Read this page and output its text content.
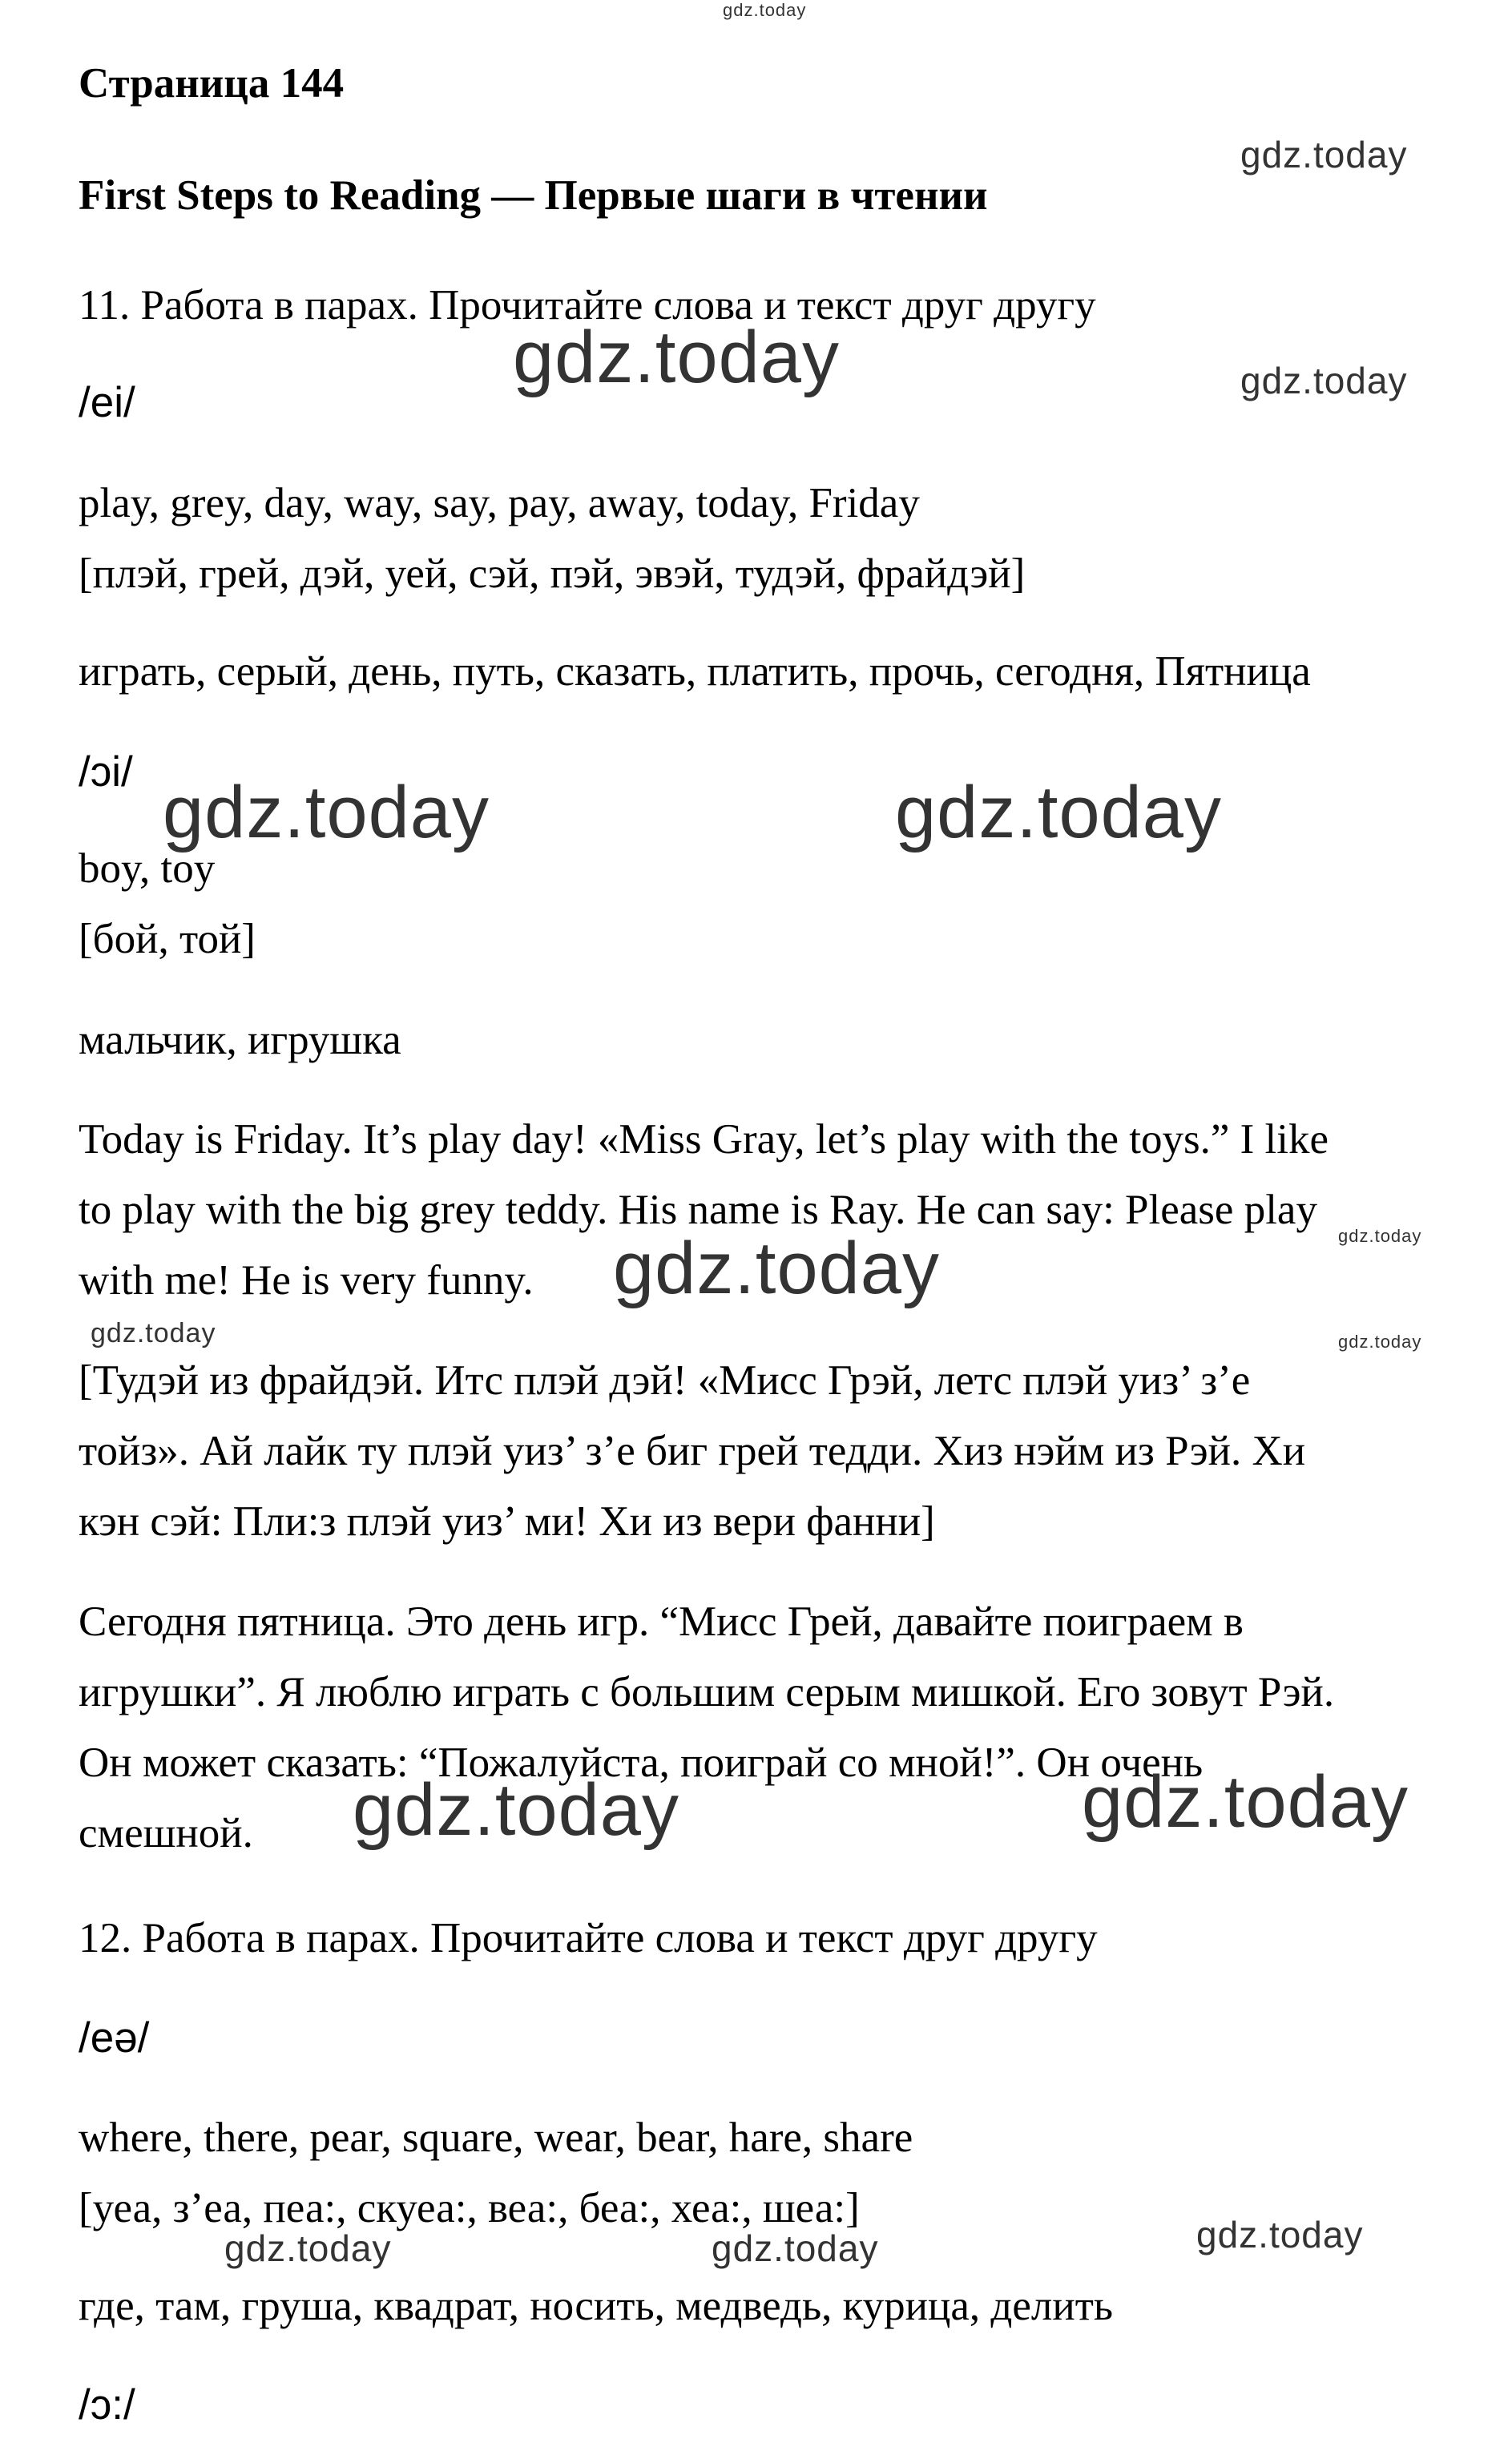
Страница 144
First Steps to Reading — Первые шаги в чтении
11. Работа в парах. Прочитайте слова и текст друг другу
/ei/
play, grey, day, way, say, pay, away, today, Friday
[плэй, грей, дэй, уей, сэй, пэй, эвэй, тудэй, фрайдэй]
играть, серый, день, путь, сказать, платить, прочь, сегодня, Пятница
/ɔi/
boy, toy
[бой, той]
мальчик, игрушка
Today is Friday. It’s play day! «Miss Gray, let’s play with the toys.” I like
to play with the big grey teddy. His name is Ray. He can say: Please play
with me! He is very funny.
[Тудэй из фрайдэй. Итс плэй дэй! «Мисс Грэй, летс плэй уиз’ з’е
тойз». Ай лайк ту плэй уиз’ з’е биг грей тедди. Хиз нэйм из Рэй. Хи
кэн сэй: Пли:з плэй уиз’ ми! Хи из вери фанни]
Сегодня пятница. Это день игр. “Мисс Грей, давайте поиграем в
игрушки”. Я люблю играть с большим серым мишкой. Его зовут Рэй.
Он может сказать: “Пожалуйста, поиграй со мной!”. Он очень
смешной.
12. Работа в парах. Прочитайте слова и текст друг другу
/eə/
where, there, pear, square, wear, bear, hare, share
[уеа, з’еа, пеа:, скуеа:, веа:, беа:, хеа:, шеа:]
где, там, груша, квадрат, носить, медведь, курица, делить
/ɔ:/
gdz.today
gdz.today
gdz.today	gdz.today
gdz.today	gdz.today
gdz.today	gdz.today
gdz.today	gdz.today
gdz.today	gdz.today
gdz.today
gdz.today	gdz.today
